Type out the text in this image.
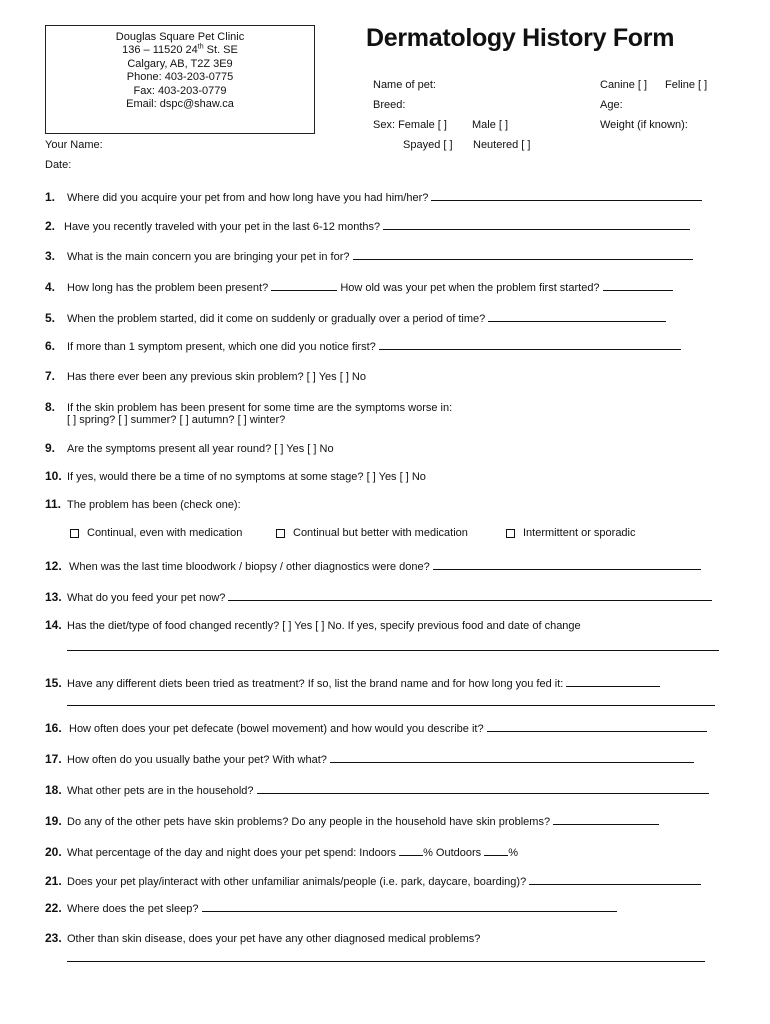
Douglas Square Pet Clinic
136 – 11520 24th St. SE
Calgary, AB, T2Z 3E9
Phone: 403-203-0775
Fax: 403-203-0779
Email: dspc@shaw.ca
Dermatology History Form
Name of pet:	Canine [ ] Feline [ ]
Breed:	Age:
Sex: Female [ ] Male [ ]	Weight (if known):
Spayed [ ] Neutered [ ]
Your Name:
Date:
1. Where did you acquire your pet from and how long have you had him/her?
2. Have you recently traveled with your pet in the last 6-12 months?
3. What is the main concern you are bringing your pet in for?
4. How long has the problem been present?	How old was your pet when the problem first started?
5. When the problem started, did it come on suddenly or gradually over a period of time?
6. If more than 1 symptom present, which one did you notice first?
7. Has there ever been any previous skin problem? [ ] Yes [ ] No
8. If the skin problem has been present for some time are the symptoms worse in:
[ ] spring? [ ] summer? [ ] autumn? [ ] winter?
9. Are the symptoms present all year round? [ ] Yes [ ] No
10. If yes, would there be a time of no symptoms at some stage? [ ] Yes [ ] No
11. The problem has been (check one):
Continual, even with medication	Continual but better with medication	Intermittent or sporadic
12. When was the last time bloodwork / biopsy / other diagnostics were done?
13. What do you feed your pet now?
14. Has the diet/type of food changed recently? [ ] Yes [ ] No. If yes, specify previous food and date of change
15. Have any different diets been tried as treatment? If so, list the brand name and for how long you fed it:
16. How often does your pet defecate (bowel movement) and how would you describe it?
17. How often do you usually bathe your pet? With what?
18. What other pets are in the household?
19. Do any of the other pets have skin problems? Do any people in the household have skin problems?
20. What percentage of the day and night does your pet spend: Indoors % Outdoors %
21. Does your pet play/interact with other unfamiliar animals/people (i.e. park, daycare, boarding)?
22. Where does the pet sleep?
23. Other than skin disease, does your pet have any other diagnosed medical problems?
